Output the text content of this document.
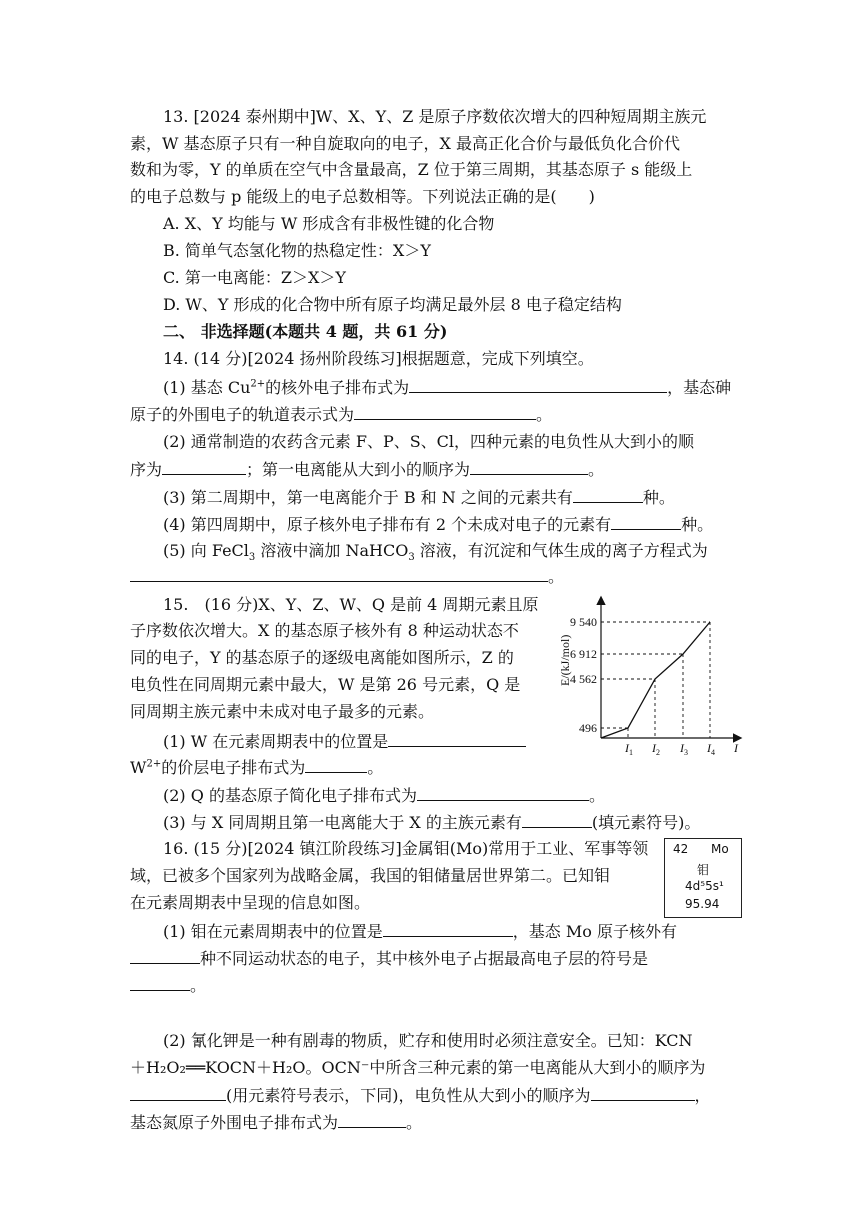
13. [2024 泰州期中]W、X、Y、Z 是原子序数依次增大的四种短周期主族元
素，W 基态原子只有一种自旋取向的电子，X 最高正化合价与最低负化合价代
数和为零，Y 的单质在空气中含量最高，Z 位于第三周期，其基态原子 s 能级上
的电子总数与 p 能级上的电子总数相等。下列说法正确的是(　　)
A. X、Y 均能与 W 形成含有非极性键的化合物
B. 简单气态氢化物的热稳定性：X＞Y
C. 第一电离能：Z＞X＞Y
D. W、Y 形成的化合物中所有原子均满足最外层 8 电子稳定结构
二、 非选择题(本题共 4 题，共 61 分)
14. (14 分)[2024 扬州阶段练习]根据题意，完成下列填空。
(1) 基态 $Cu^{2+}$的核外电子排布式为	，基态砷
原子的外围电子的轨道表示式为	。
(2) 通常制造的农药含元素 F、P、S、Cl，四种元素的电负性从大到小的顺
序为	；第一电离能从大到小的顺序为	。
(3) 第二周期中，第一电离能介于 B 和 N 之间的元素共有	种。
(4) 第四周期中，原子核外电子排布有 2 个未成对电子的元素有	种。
(5) 向 FeCl$_3$ 溶液中滴加 NaHCO$_3$ 溶液，有沉淀和气体生成的离子方程式为
。
15.　(16 分)X、Y、Z、W、Q 是前 4 周期元素且原
子序数依次增大。X 的基态原子核外有 8 种运动状态不
同的电子，Y 的基态原子的逐级电离能如图所示，Z 的
电负性在同周期元素中最大，W 是第 26 号元素，Q 是
同周期主族元素中未成对电子最多的元素。
(1) W 在元素周期表中的位置是
$W^{2+}$的价层电子排布式为	。
(2) Q 的基态原子简化电子排布式为	。
(3) 与 X 同周期且第一电离能大于 X 的主族元素有	(填元素符号)。
496
4 562
6 912
9 540
$I_1$ $I_2$ $I_3$ $I_4$ I
E/(kJ/mol)
16. (15 分)[2024 镇江阶段练习]金属钼(Mo)常用于工业、军事等领
域，已被多个国家列为战略金属，我国的钼储量居世界第二。已知钼
在元素周期表中呈现的信息如图。
42 Mo
钼
4d⁵5s¹
95.94
(1) 钼在元素周期表中的位置是	，基态 Mo 原子核外有
种不同运动状态的电子，其中核外电子占据最高电子层的符号是
。
(2) 氰化钾是一种有剧毒的物质，贮存和使用时必须注意安全。已知：KCN
＋H₂O₂══KOCN＋H₂O。OCN⁻中所含三种元素的第一电离能从大到小的顺序为
(用元素符号表示，下同)，电负性从大到小的顺序为	，
基态氮原子外围电子排布式为	。
